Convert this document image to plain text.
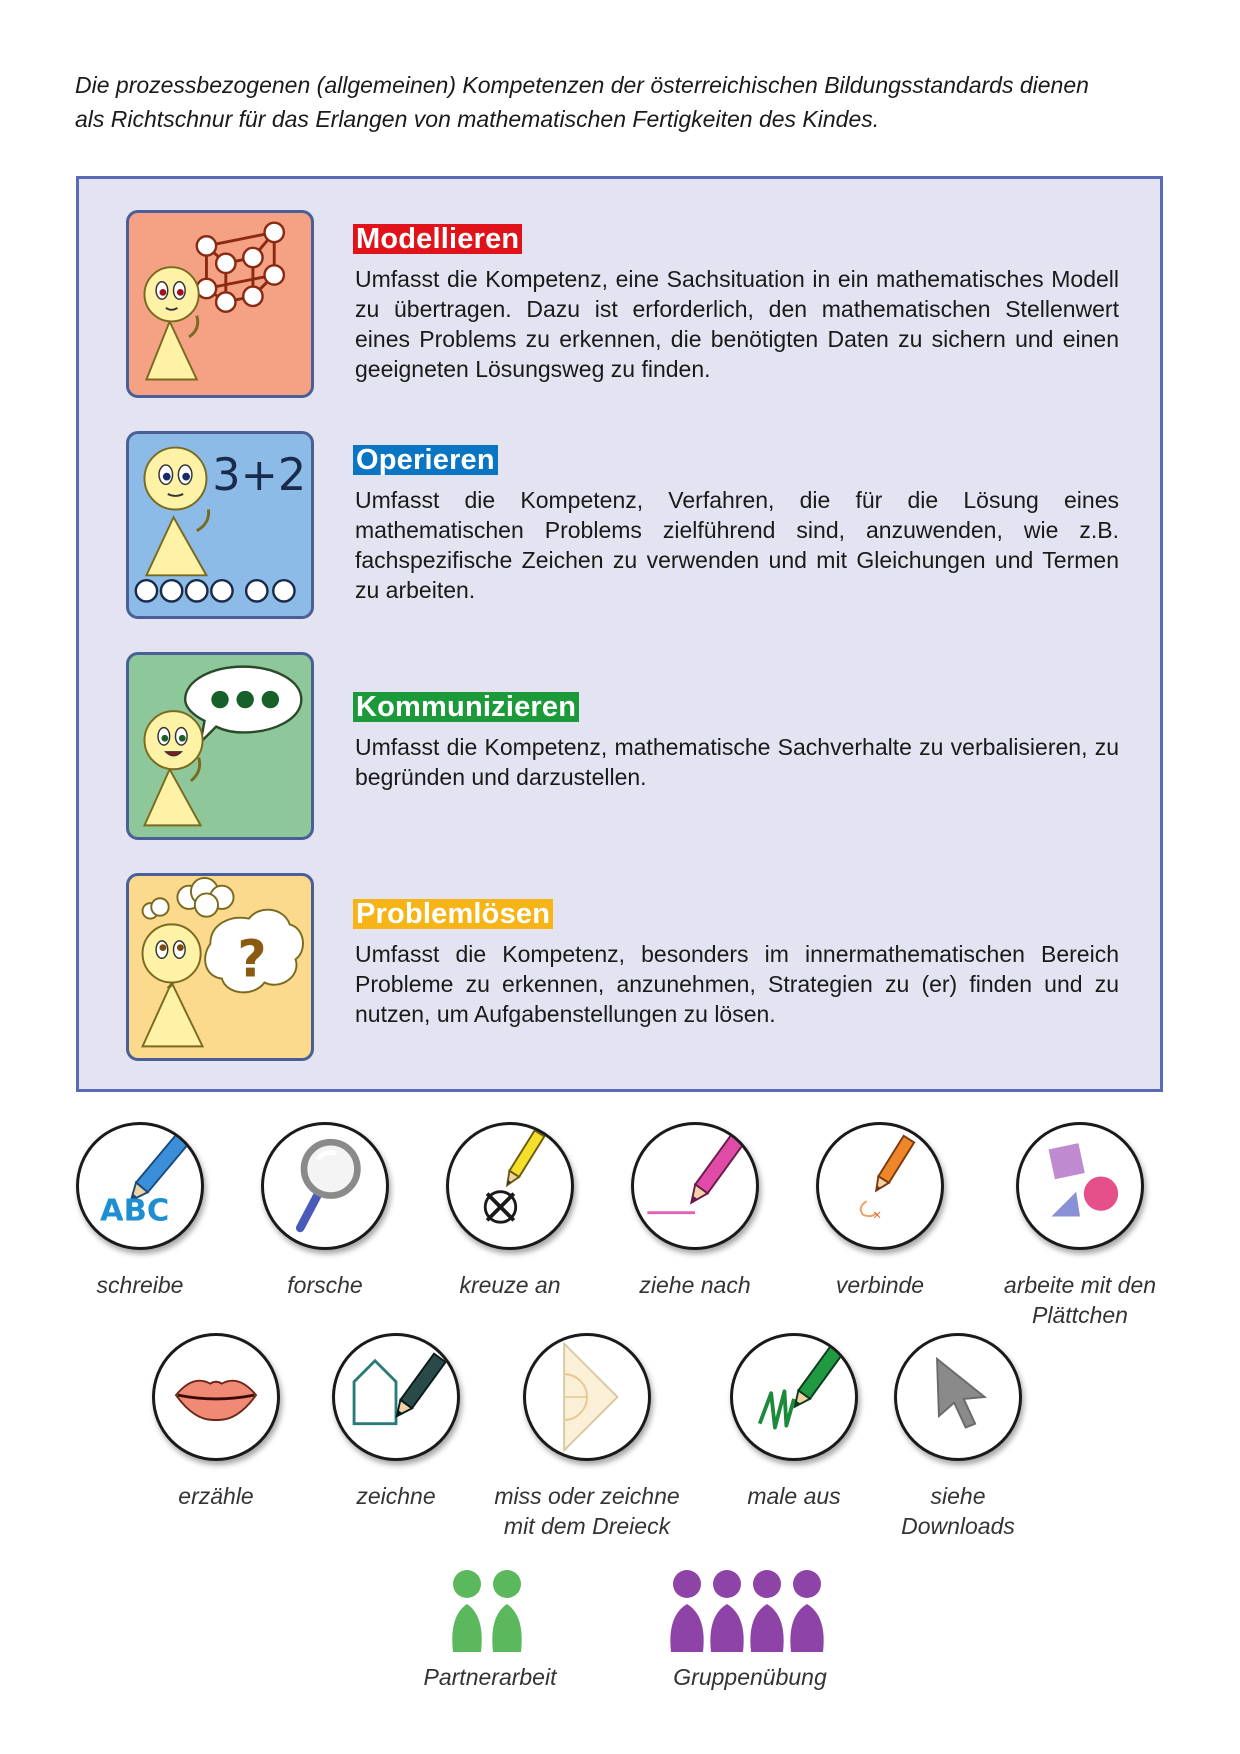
Die prozessbezogenen (allgemeinen) Kompetenzen der österreichischen Bildungsstandards dienen
als Richtschnur für das Erlangen von mathematischen Fertigkeiten des Kindes.
Modellieren

Umfasst die Kompetenz, eine Sachsituation in ein mathematisches Modell zu übertragen. Dazu ist erforderlich, den mathematischen Stellenwert eines Problems zu erkennen, die benötigten Daten zu sichern und einen geeigneten Lösungsweg zu finden.

3+2 Operieren

Umfasst die Kompetenz, Verfahren, die für die Lösung eines mathematischen Problems zielführend sind, anzuwenden, wie z.B. fachspezifische Zeichen zu verwenden und mit Gleichungen und Termen zu arbeiten.

Kommunizieren

Umfasst die Kompetenz, mathematische Sachverhalte zu verbalisieren, zu begründen und darzustellen.

?
Problemlösen

Umfasst die Kompetenz, besonders im innermathematischen Bereich Probleme zu erkennen, anzunehmen, Strategien zu (er) finden und zu nutzen, um Aufgabenstellungen zu lösen.

ABC
schreibe	forsche	kreuze an	ziehe nach
×
verbinde	arbeite mit den
Plättchen
erzähle	zeichne	miss oder zeichne
mit dem Dreieck
male aus	siehe
Downloads
Partnerarbeit	Gruppenübung
